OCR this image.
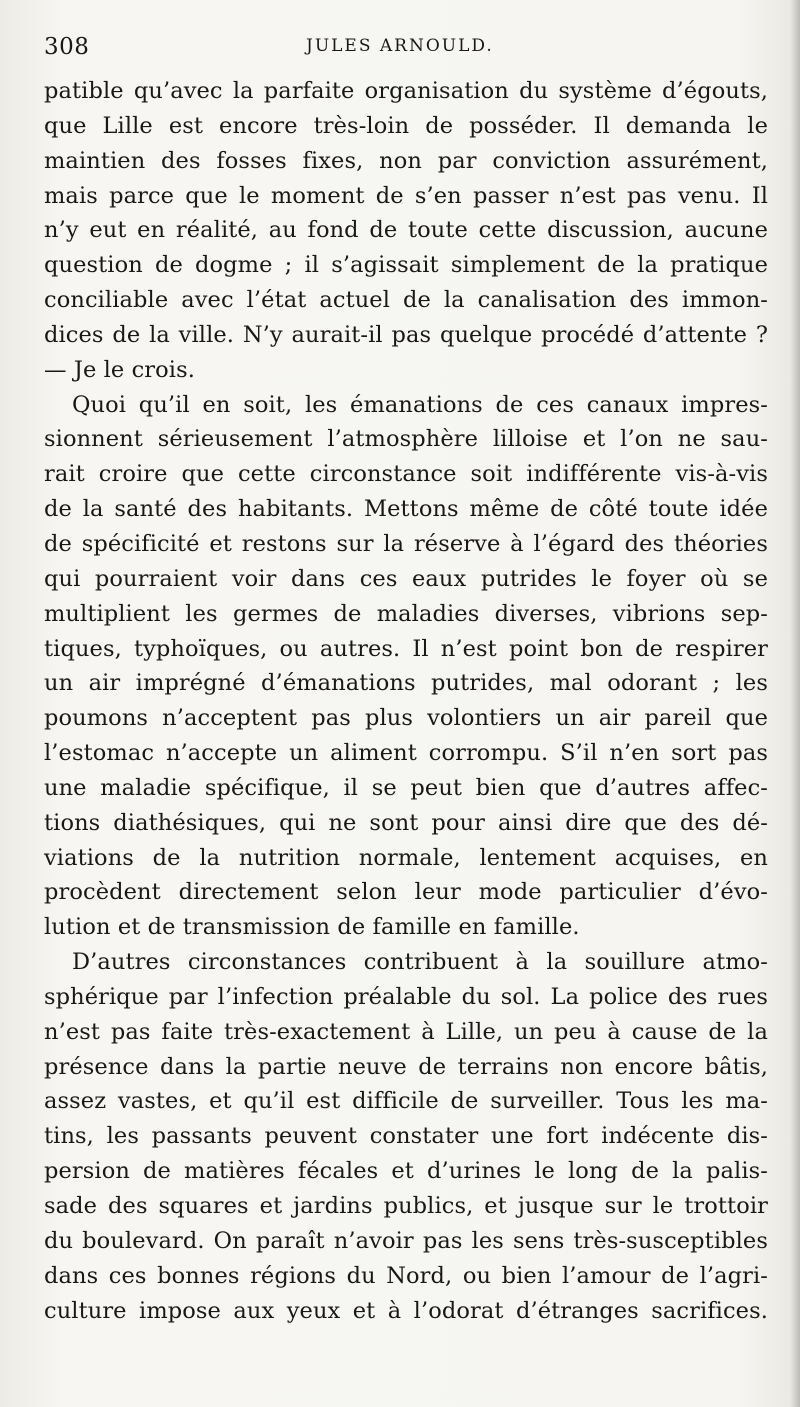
308	JULES ARNOULD.
patible qu’avec la parfaite organisation du système d’égouts,
que Lille est encore très-loin de posséder. Il demanda le
maintien des fosses fixes, non par conviction assurément,
mais parce que le moment de s’en passer n’est pas venu. Il
n’y eut en réalité, au fond de toute cette discussion, aucune
question de dogme ; il s’agissait simplement de la pratique
conciliable avec l’état actuel de la canalisation des immon-
dices de la ville. N’y aurait-il pas quelque procédé d’attente ?
— Je le crois.
Quoi qu’il en soit, les émanations de ces canaux impres-
sionnent sérieusement l’atmosphère lilloise et l’on ne sau-
rait croire que cette circonstance soit indifférente vis-à-vis
de la santé des habitants. Mettons même de côté toute idée
de spécificité et restons sur la réserve à l’égard des théories
qui pourraient voir dans ces eaux putrides le foyer où se
multiplient les germes de maladies diverses, vibrions sep-
tiques, typhoïques, ou autres. Il n’est point bon de respirer
un air imprégné d’émanations putrides, mal odorant ; les
poumons n’acceptent pas plus volontiers un air pareil que
l’estomac n’accepte un aliment corrompu. S’il n’en sort pas
une maladie spécifique, il se peut bien que d’autres affec-
tions diathésiques, qui ne sont pour ainsi dire que des dé-
viations de la nutrition normale, lentement acquises, en
procèdent directement selon leur mode particulier d’évo-
lution et de transmission de famille en famille.
D’autres circonstances contribuent à la souillure atmo-
sphérique par l’infection préalable du sol. La police des rues
n’est pas faite très-exactement à Lille, un peu à cause de la
présence dans la partie neuve de terrains non encore bâtis,
assez vastes, et qu’il est difficile de surveiller. Tous les ma-
tins, les passants peuvent constater une fort indécente dis-
persion de matières fécales et d’urines le long de la palis-
sade des squares et jardins publics, et jusque sur le trottoir
du boulevard. On paraît n’avoir pas les sens très-susceptibles
dans ces bonnes régions du Nord, ou bien l’amour de l’agri-
culture impose aux yeux et à l’odorat d’étranges sacrifices.
